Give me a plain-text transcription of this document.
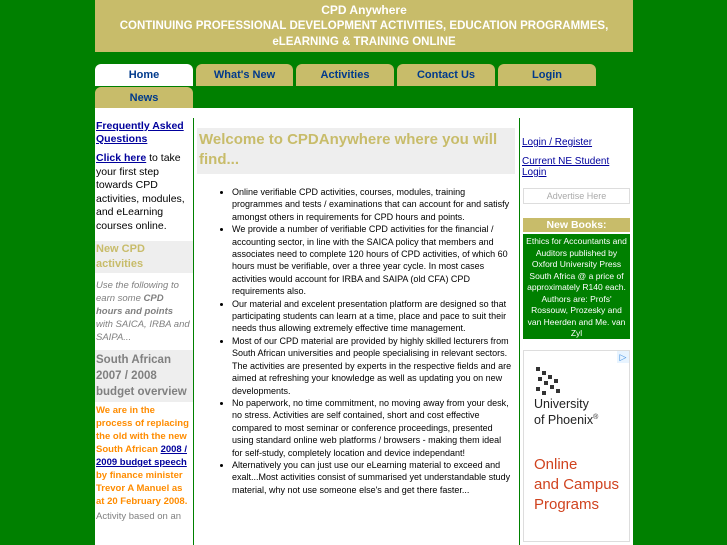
CPD Anywhere
CONTINUING PROFESSIONAL DEVELOPMENT ACTIVITIES, EDUCATION PROGRAMMES,
eLEARNING & TRAINING ONLINE
Home	What's New	Activities	Contact Us	Login
News
Frequently Asked Questions
Click here to take your first step towards CPD activities, modules, and eLearning courses online.
New CPD activities
Use the following to earn some CPD hours and points with SAICA, IRBA and SAIPA...
South African 2007 / 2008 budget overview
We are in the process of replacing the old with the new South African 2008 / 2009 budget speech by finance minister Trevor A Manuel as at 20 February 2008.
Activity based on an
Welcome to CPDAnywhere where you will find...
• Online verifiable CPD activities, courses, modules, training programmes and tests / examinations that can account for and satisfy amongst others in requirements for CPD hours and points.
• We provide a number of verifiable CPD activities for the financial / accounting sector, in line with the SAICA policy that members and associates need to complete 120 hours of CPD activities, of which 60 hours must be verifiable, over a three year cycle. In most cases activities would account for IRBA and SAIPA (old CFA) CPD requirements also.
• Our material and excelent presentation platform are designed so that participating students can learn at a time, place and pace to suit their needs thus allowing extremely effective time management.
• Most of our CPD material are provided by highly skilled lecturers from South African universities and people specialising in relevant sectors. The activities are presented by experts in the respective fields and are aimed at refreshing your knowledge as well as updating you on new developments.
• No paperwork, no time commitment, no moving away from your desk, no stress. Activities are self contained, short and cost effective compared to most seminar or conference proceedings, presented using standard online web platforms / browsers - making them ideal for self-study, completely location and device independant!
• Alternatively you can just use our eLearning material to exceed and exalt...Most activities consist of summarised yet understandable study material, why not use someone else's and get there faster...
Login / Register
Current NE Student Login
Advertise Here
New Books:
Ethics for Accountants and Auditors published by Oxford University Press South Africa @ a price of approximately R140 each. Authors are: Profs' Rossouw, Prozesky and van Heerden and Me. van Zyl
▷
University
of Phoenix®
Online
and Campus
Programs
